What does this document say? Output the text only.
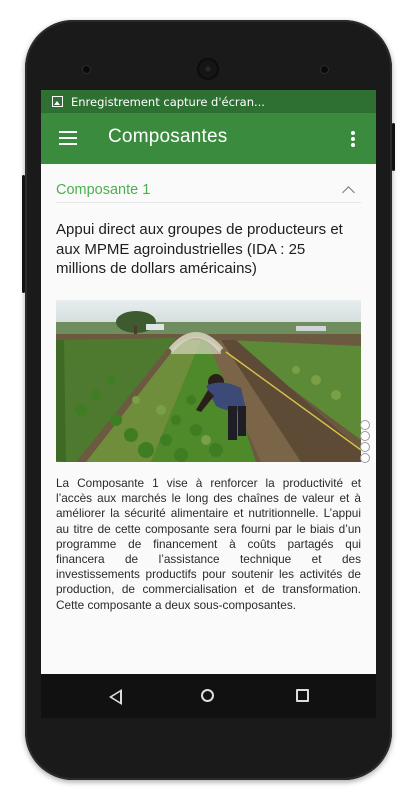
Enregistrement capture d'écran...
Composantes
Composante 1
Appui direct aux groupes de producteurs et aux MPME agroindustrielles (IDA : 25 millions de dollars américains)
La Composante 1 vise à renforcer la productivité et l’accès aux marchés le long des chaînes de valeur et à améliorer la sécurité alimentaire et nutritionnelle. L’appui au titre de cette composante sera fourni par le biais d’un programme de financement à coûts partagés qui financera de l’assistance technique et des investissements productifs pour soutenir les activités de production, de commercialisation et de transformation. Cette composante a deux sous-composantes.
